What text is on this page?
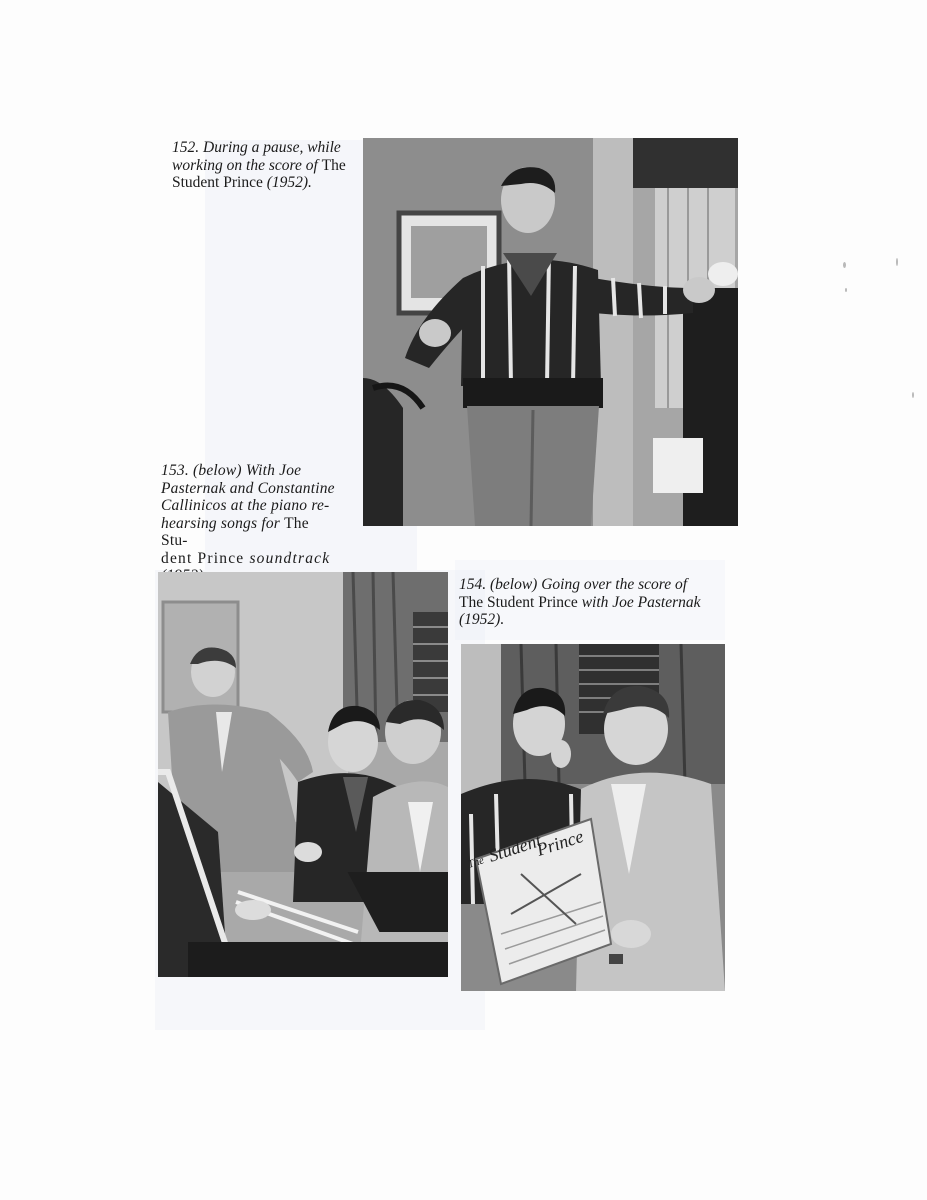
152. During a pause, while
working on the score of The
Student Prince (1952).
153. (below) With Joe
Pasternak and Constantine
Callinicos at the piano re-
hearsing songs for The Stu-
dent Prince soundtrack
154. (below) Going over the score of
The Student Prince with Joe Pasternak
(1952).
The Student
Prince
